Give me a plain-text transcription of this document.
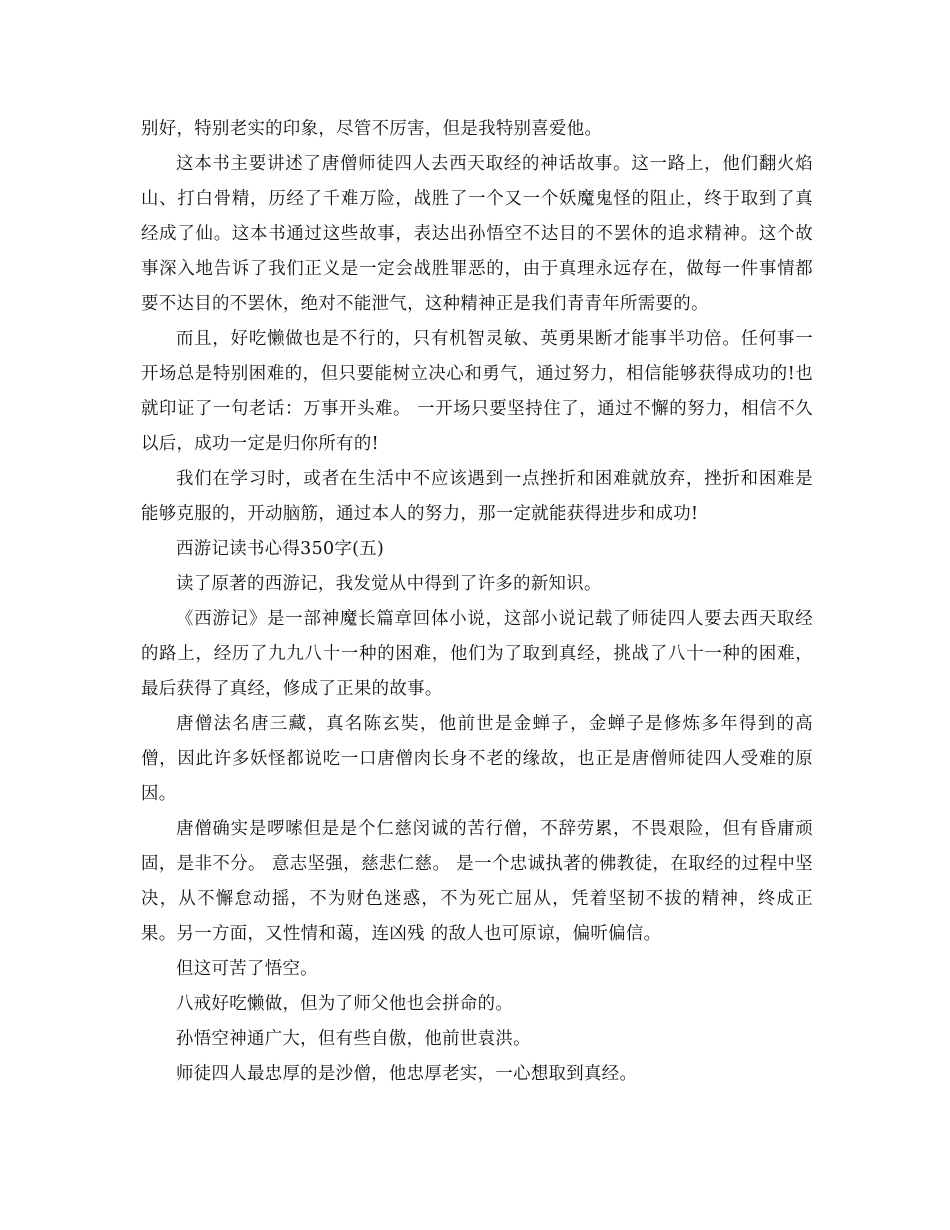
别好，特别老实的印象，尽管不厉害，但是我特别喜爱他。

这本书主要讲述了唐僧师徒四人去西天取经的神话故事。这一路上，他们翻火焰山、打白骨精，历经了千难万险，战胜了一个又一个妖魔鬼怪的阻止，终于取到了真经成了仙。这本书通过这些故事，表达出孙悟空不达目的不罢休的追求精神。这个故事深入地告诉了我们正义是一定会战胜罪恶的，由于真理永远存在，做每一件事情都要不达目的不罢休，绝对不能泄气，这种精神正是我们青青年所需要的。

而且，好吃懒做也是不行的，只有机智灵敏、英勇果断才能事半功倍。任何事一开场总是特别困难的，但只要能树立决心和勇气，通过努力，相信能够获得成功的!也就印证了一句老话：万事开头难。 一开场只要坚持住了，通过不懈的努力，相信不久以后，成功一定是归你所有的!

我们在学习时，或者在生活中不应该遇到一点挫折和困难就放弃，挫折和困难是能够克服的，开动脑筋，通过本人的努力，那一定就能获得进步和成功!

西游记读书心得350字(五)

读了原著的西游记，我发觉从中得到了许多的新知识。

《西游记》是一部神魔长篇章回体小说，这部小说记载了师徒四人要去西天取经的路上，经历了九九八十一种的困难，他们为了取到真经，挑战了八十一种的困难， 最后获得了真经，修成了正果的故事。

唐僧法名唐三藏，真名陈玄奘，他前世是金蝉子，金蝉子是修炼多年得到的高僧，因此许多妖怪都说吃一口唐僧肉长身不老的缘故，也正是唐僧师徒四人受难的原 因。

唐僧确实是啰嗦但是是个仁慈闵诚的苦行僧，不辞劳累，不畏艰险，但有昏庸顽固，是非不分。 意志坚强，慈悲仁慈。 是一个忠诚执著的佛教徒，在取经的过程中坚决，从不懈怠动摇，不为财色迷惑，不为死亡屈从，凭着坚韧不拔的精神，终成正果。另一方面，又性情和蔼，连凶残 的敌人也可原谅，偏听偏信。

但这可苦了悟空。

八戒好吃懒做，但为了师父他也会拼命的。

孙悟空神通广大，但有些自傲，他前世袁洪。

师徒四人最忠厚的是沙僧，他忠厚老实，一心想取到真经。
